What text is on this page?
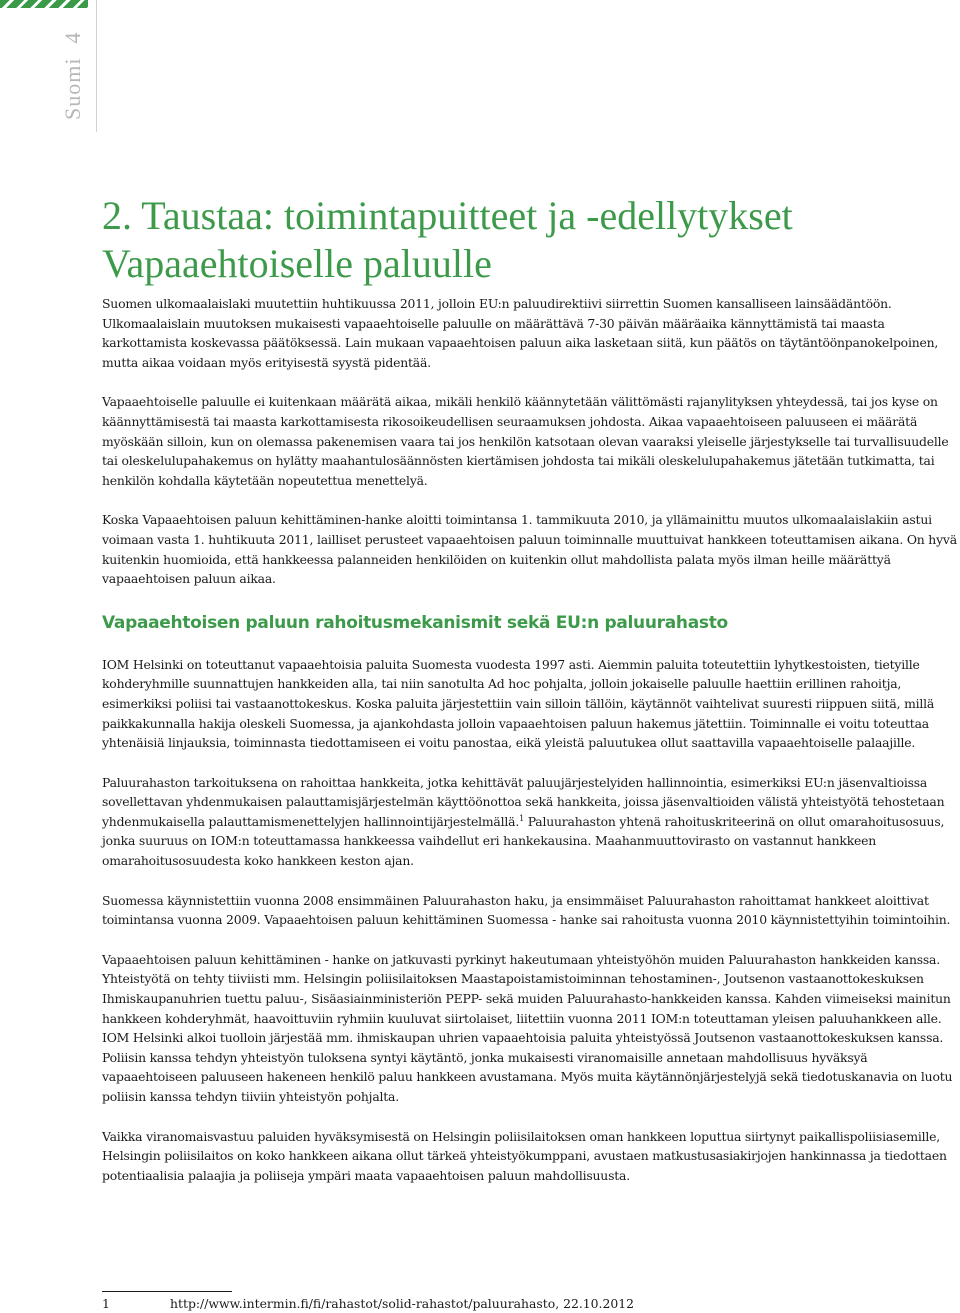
Suomi4
2. Taustaa: toimintapuitteet ja -edellytykset Vapaaehtoiselle paluulle

Suomen ulkomaalaislaki muutettiin huhtikuussa 2011, jolloin EU:n paluudirektiivi siirrettin Suomen kansalliseen lainsäädäntöön. Ulkomaalaislain muutoksen mukaisesti vapaaehtoiselle paluulle on määrättävä 7-30 päivän määräaika kännyttämistä tai maasta karkottamista koskevassa päätöksessä. Lain mukaan vapaaehtoisen paluun aika lasketaan siitä, kun päätös on täytäntöönpanokelpoinen, mutta aikaa voidaan myös erityisestä syystä pidentää.

Vapaaehtoiselle paluulle ei kuitenkaan määrätä aikaa, mikäli henkilö käännytetään välittömästi rajanylityksen yhteydessä, tai jos kyse on käännyttämisestä tai maasta karkottamisesta rikosoikeudellisen seuraamuksen johdosta. Aikaa vapaaehtoiseen paluuseen ei määrätä myöskään silloin, kun on olemassa pakenemisen vaara tai jos henkilön katsotaan olevan vaaraksi yleiselle järjestykselle tai turvallisuudelle tai oleskelulupahakemus on hylätty maahantulosäännösten kiertämisen johdosta tai mikäli oleskelulupahakemus jätetään tutkimatta, tai henkilön kohdalla käytetään nopeutettua menettelyä.

Koska Vapaaehtoisen paluun kehittäminen-hanke aloitti toimintansa 1. tammikuuta 2010, ja yllämainittu muutos ulkomaalaislakiin astui voimaan vasta 1. huhtikuuta 2011, lailliset perusteet vapaaehtoisen paluun toiminnalle muuttuivat hankkeen toteuttamisen aikana. On hyvä kuitenkin huomioida, että hankkeessa palanneiden henkilöiden on kuitenkin ollut mahdollista palata myös ilman heille määrättyä vapaaehtoisen paluun aikaa.

Vapaaehtoisen paluun rahoitusmekanismit sekä EU:n paluurahasto

IOM Helsinki on toteuttanut vapaaehtoisia paluita Suomesta vuodesta 1997 asti. Aiemmin paluita toteutettiin lyhytkestoisten, tietyille kohderyhmille suunnattujen hankkeiden alla, tai niin sanotulta Ad hoc pohjalta, jolloin jokaiselle paluulle haettiin erillinen rahoitja, esimerkiksi poliisi tai vastaanottokeskus. Koska paluita järjestettiin vain silloin tällöin, käytännöt vaihtelivat suuresti riippuen siitä, millä paikkakunnalla hakija oleskeli Suomessa, ja ajankohdasta jolloin vapaaehtoisen paluun hakemus jätettiin. Toiminnalle ei voitu toteuttaa yhtenäisiä linjauksia, toiminnasta tiedottamiseen ei voitu panostaa, eikä yleistä paluutukea ollut saattavilla vapaaehtoiselle palaajille.

Paluurahaston tarkoituksena on rahoittaa hankkeita, jotka kehittävät paluujärjestelyiden hallinnointia, esimerkiksi EU:n jäsenvaltioissa sovellettavan yhdenmukaisen palauttamisjärjestelmän käyttöönottoa sekä hankkeita, joissa jäsenvaltioiden välistä yhteistyötä tehostetaan yhdenmukaisella palauttamismenettelyjen hallinnointijärjestelmällä.$^1$ Paluurahaston yhtenä rahoituskriteerinä on ollut omarahoitusosuus, jonka suuruus on IOM:n toteuttamassa hankkeessa vaihdellut eri hankekausina. Maahanmuuttovirasto on vastannut hankkeen omarahoitusosuudesta koko hankkeen keston ajan.

Suomessa käynnistettiin vuonna 2008 ensimmäinen Paluurahaston haku, ja ensimmäiset Paluurahaston rahoittamat hankkeet aloittivat toimintansa vuonna 2009. Vapaaehtoisen paluun kehittäminen Suomessa - hanke sai rahoitusta vuonna 2010 käynnistettyihin toimintoihin.

Vapaaehtoisen paluun kehittäminen - hanke on jatkuvasti pyrkinyt hakeutumaan yhteistyöhön muiden Paluurahaston hankkeiden kanssa. Yhteistyötä on tehty tiiviisti mm. Helsingin poliisilaitoksen Maastapoistamistoiminnan tehostaminen-, Joutsenon vastaanottokeskuksen Ihmiskaupanuhrien tuettu paluu-, Sisäasiainministeriön PEPP- sekä muiden Paluurahasto-hankkeiden kanssa. Kahden viimeiseksi mainitun hankkeen kohderyhmät, haavoittuviin ryhmiin kuuluvat siirtolaiset, liitettiin vuonna 2011 IOM:n toteuttaman yleisen paluuhankkeen alle. IOM Helsinki alkoi tuolloin järjestää mm. ihmiskaupan uhrien vapaaehtoisia paluita yhteistyössä Joutsenon vastaanottokeskuksen kanssa. Poliisin kanssa tehdyn yhteistyön tuloksena syntyi käytäntö, jonka mukaisesti viranomaisille annetaan mahdollisuus hyväksyä vapaaehtoiseen paluuseen hakeneen henkilö paluu hankkeen avustamana. Myös muita käytännönjärjestelyjä sekä tiedotuskanavia on luotu poliisin kanssa tehdyn tiiviin yhteistyön pohjalta.

Vaikka viranomaisvastuu paluiden hyväksymisestä on Helsingin poliisilaitoksen oman hankkeen loputtua siirtynyt paikallispoliisiasemille, Helsingin poliisilaitos on koko hankkeen aikana ollut tärkeä yhteistyökumppani, avustaen matkustusasiakirjojen hankinnassa ja tiedottaen potentiaalisia palaajia ja poliiseja ympäri maata vapaaehtoisen paluun mahdollisuusta.

1	http://www.intermin.fi/fi/rahastot/solid-rahastot/paluurahasto, 22.10.2012
